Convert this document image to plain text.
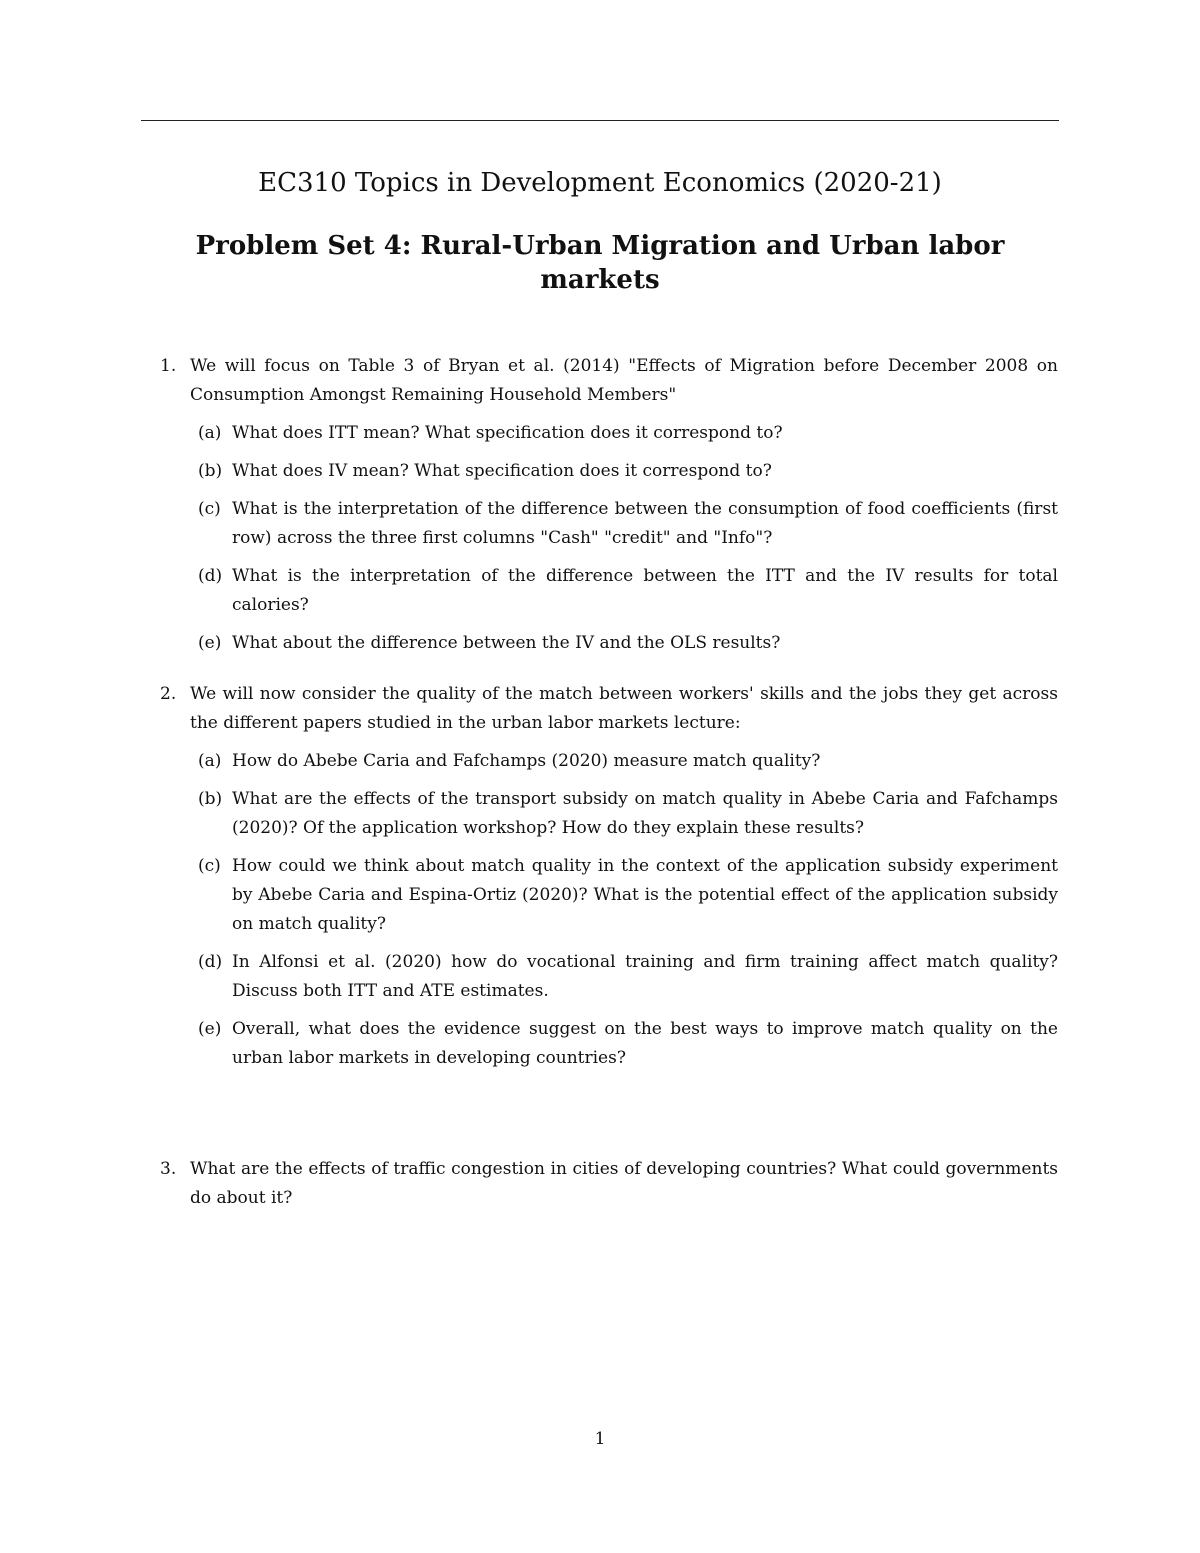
EC310 Topics in Development Economics (2020-21)
Problem Set 4: Rural-Urban Migration and Urban labor markets
1. We will focus on Table 3 of Bryan et al. (2014) "Effects of Migration before December 2008 on Consumption Amongst Remaining Household Members"
(a) What does ITT mean? What specification does it correspond to?
(b) What does IV mean? What specification does it correspond to?
(c) What is the interpretation of the difference between the consumption of food coefficients (first row) across the three first columns "Cash" "credit" and "Info"?
(d) What is the interpretation of the difference between the ITT and the IV results for total calories?
(e) What about the difference between the IV and the OLS results?
2. We will now consider the quality of the match between workers' skills and the jobs they get across the different papers studied in the urban labor markets lecture:
(a) How do Abebe Caria and Fafchamps (2020) measure match quality?
(b) What are the effects of the transport subsidy on match quality in Abebe Caria and Fafchamps (2020)? Of the application workshop? How do they explain these results?
(c) How could we think about match quality in the context of the application subsidy experiment by Abebe Caria and Espina-Ortiz (2020)? What is the potential effect of the application subsidy on match quality?
(d) In Alfonsi et al. (2020) how do vocational training and firm training affect match quality? Discuss both ITT and ATE estimates.
(e) Overall, what does the evidence suggest on the best ways to improve match quality on the urban labor markets in developing countries?
3. What are the effects of traffic congestion in cities of developing countries? What could governments do about it?
1
